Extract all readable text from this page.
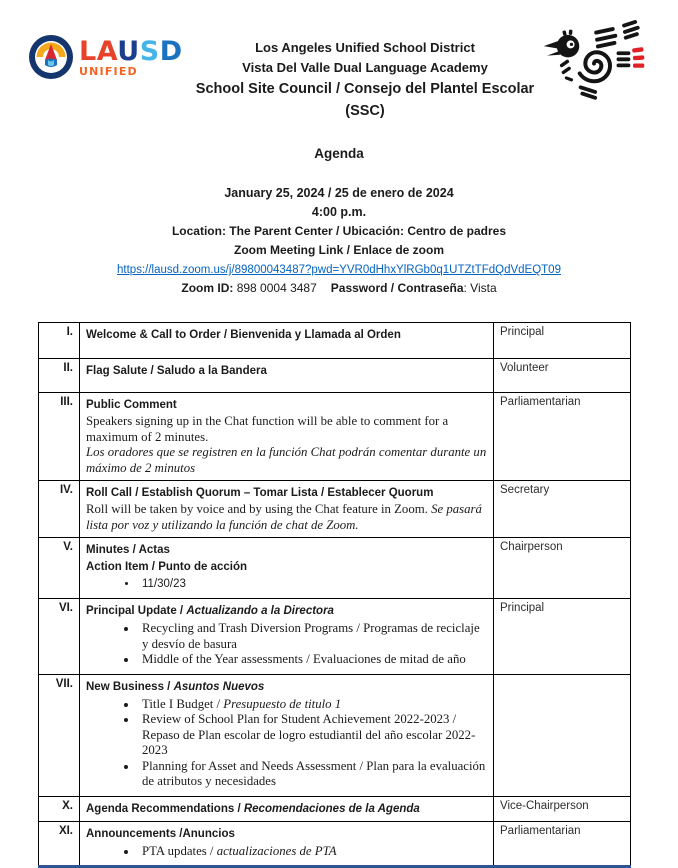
LAUSD
UNIFIED
Los Angeles Unified School District
Vista Del Valle Dual Language Academy
School Site Council / Consejo del Plantel Escolar (SSC)
Agenda
January 25, 2024 / 25 de enero de 2024
4:00 p.m.
Location: The Parent Center / Ubicación: Centro de padres
Zoom Meeting Link / Enlace de zoom
https://lausd.zoom.us/j/89800043487?pwd=YVR0dHhxYlRGb0q1UTZtTFdQdVdEQT09
Zoom ID: 898 0004 3487 Password / Contraseña: Vista
I.	Welcome & Call to Order / Bienvenida y Llamada al Orden	Principal
II.	Flag Salute / Saludo a la Bandera	Volunteer
III.	Public Comment
Speakers signing up in the Chat function will be able to comment for a maximum of 2 minutes.
Los oradores que se registren en la función Chat podrán comentar durante un máximo de 2 minutos	Parliamentarian
IV.	Roll Call / Establish Quorum – Tomar Lista / Establecer Quorum
Roll will be taken by voice and by using the Chat feature in Zoom. Se pasará lista por voz y utilizando la función de chat de Zoom.	Secretary
V.	Minutes / Actas
Action Item / Punto de acción
• 11/30/23
	Chairperson
VI.	Principal Update / Actualizando a la Directora
• Recycling and Trash Diversion Programs / Programas de reciclaje y desvío de basura
• Middle of the Year assessments / Evaluaciones de mitad de año
	Principal
VII.	New Business / Asuntos Nuevos
• Title I Budget / Presupuesto de titulo 1
• Review of School Plan for Student Achievement 2022-2023 / Repaso de Plan escolar de logro estudiantil del año escolar 2022-2023
• Planning for Asset and Needs Assessment / Plan para la evaluación de atributos y necesidades

X.	Agenda Recommendations / Recomendaciones de la Agenda	Vice-Chairperson
XI.	Announcements /Anuncios
• PTA updates / actualizaciones de PTA
	Parliamentarian
